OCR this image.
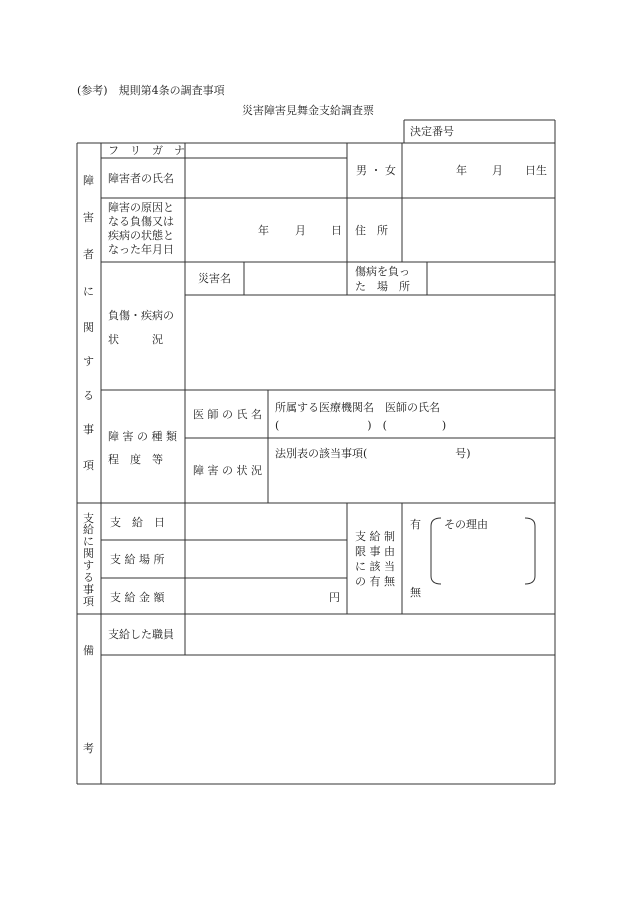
(参考)　規則第4条の調査事項
災害障害見舞金支給調査票
決定番号
障
害
者
に
関
す
る
事
項
支
給
に
関
す
る
事
項
備
考
フ　リ　ガ　ナ
障害者の氏名
男 ・ 女	年 月 日生
障害の原因と
なる負傷又は
疾病の状態と
なった年月日
年 月 日 住　所
災害名
傷病を負っ
た　場　所
負傷・疾病の
状　　　況
障 害 の 種 類
程　度　等
医 師 の 氏 名
所属する医療機関名　医師の氏名
(　　　　　　　　)　(　　　　　)
障 害 の 状 況
法別表の該当事項(　　　　　　　　号)
支　給　日
支 給 場 所
支 給 金 額	円
支 給 制
限 事 由
に 該 当
の 有 無
有
無
その理由
支給した職員
